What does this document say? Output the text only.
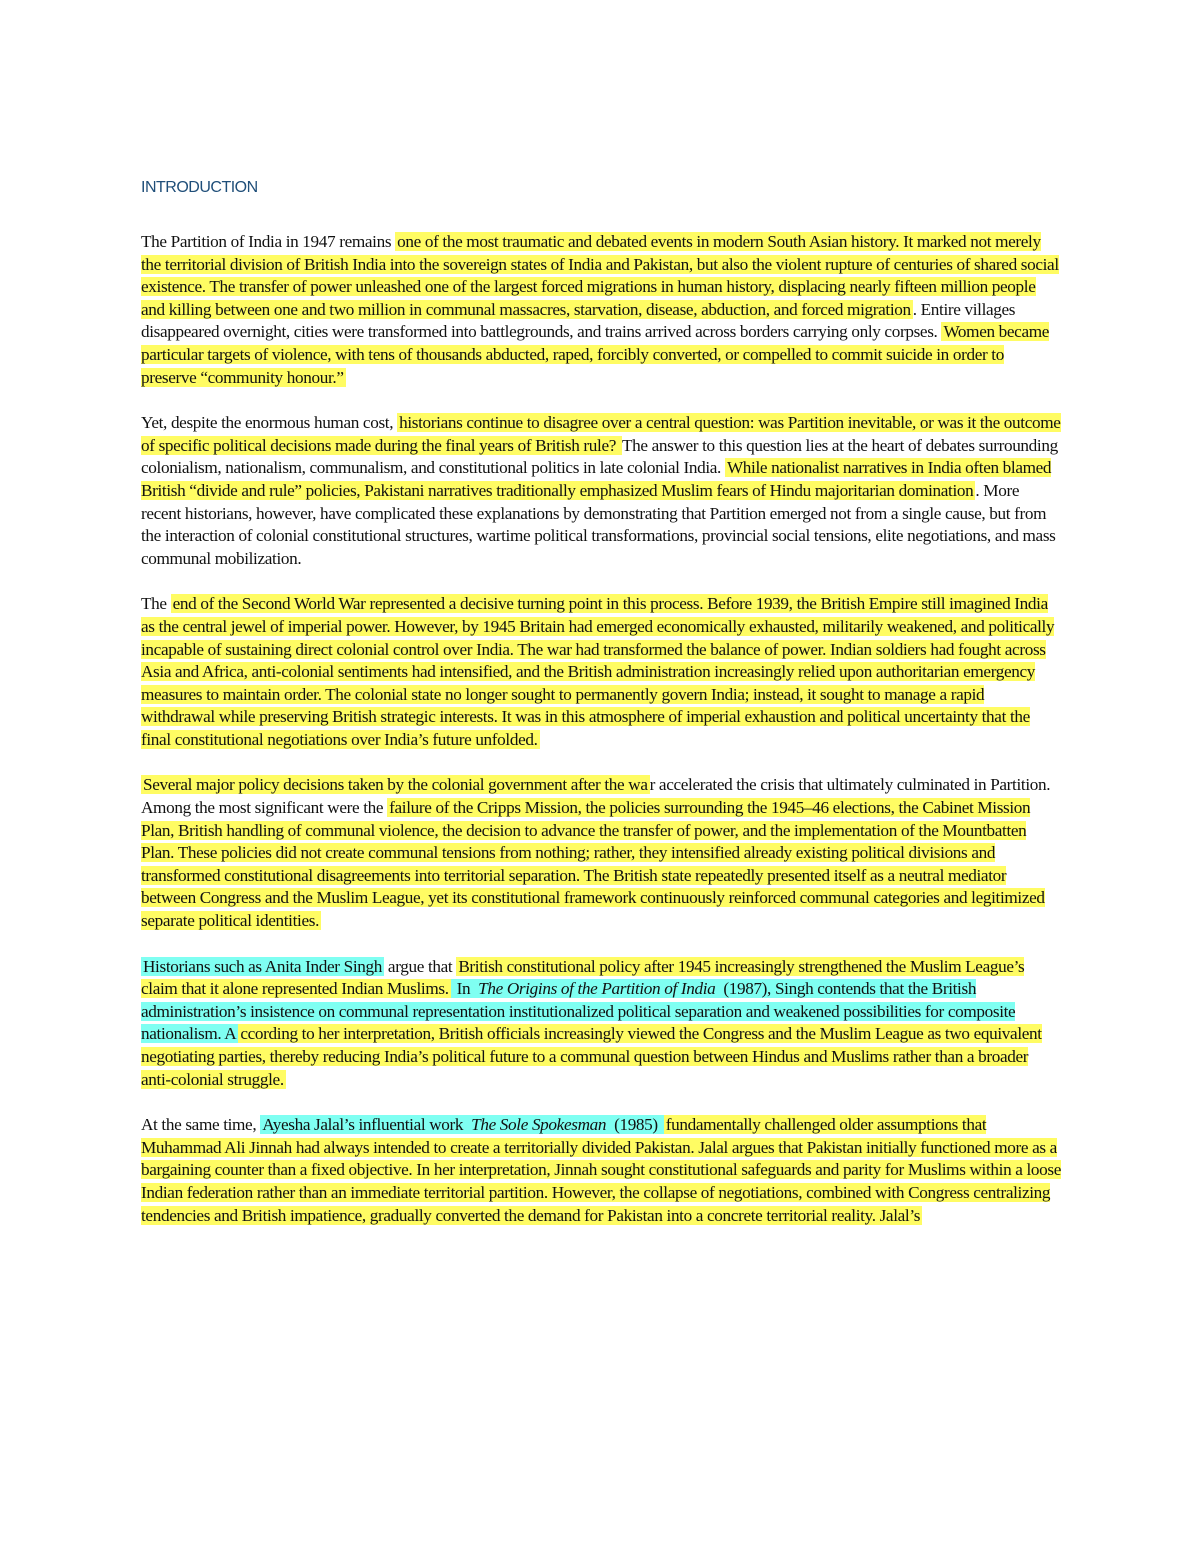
INTRODUCTION

The Partition of India in 1947 remains one of the most traumatic and debated events in modern South Asian history. It marked not merely the territorial division of British India into the sovereign states of India and Pakistan, but also the violent rupture of centuries of shared social existence. The transfer of power unleashed one of the largest forced migrations in human history, displacing nearly fifteen million people and killing between one and two million in communal massacres, starvation, disease, abduction, and forced migration . Entire villages disappeared overnight, cities were transformed into battlegrounds, and trains arrived across borders carrying only corpses. Women became particular targets of violence, with tens of thousands abducted, raped, forcibly converted, or compelled to commit suicide in order to preserve “community honour.”

Yet, despite the enormous human cost, historians continue to disagree over a central question: was Partition inevitable, or was it the outcome of specific political decisions made during the final years of British rule? The answer to this question lies at the heart of debates surrounding colonialism, nationalism, communalism, and constitutional politics in late colonial India. While nationalist narratives in India often blamed British “divide and rule” policies, Pakistani narratives traditionally emphasized Muslim fears of Hindu majoritarian domination . More recent historians, however, have complicated these explanations by demonstrating that Partition emerged not from a single cause, but from the interaction of colonial constitutional structures, wartime political transformations, provincial social tensions, elite negotiations, and mass communal mobilization.

The end of the Second World War represented a decisive turning point in this process. Before 1939, the British Empire still imagined India as the central jewel of imperial power. However, by 1945 Britain had emerged economically exhausted, militarily weakened, and politically incapable of sustaining direct colonial control over India. The war had transformed the balance of power. Indian soldiers had fought across Asia and Africa, anti-colonial sentiments had intensified, and the British administration increasingly relied upon authoritarian emergency measures to maintain order. The colonial state no longer sought to permanently govern India; instead, it sought to manage a rapid withdrawal while preserving British strategic interests. It was in this atmosphere of imperial exhaustion and political uncertainty that the final constitutional negotiations over India’s future unfolded.

Several major policy decisions taken by the colonial government after the wa r accelerated the crisis that ultimately culminated in Partition. Among the most significant were the failure of the Cripps Mission, the policies surrounding the 1945–46 elections, the Cabinet Mission Plan, British handling of communal violence, the decision to advance the transfer of power, and the implementation of the Mountbatten Plan. These policies did not create communal tensions from nothing; rather, they intensified already existing political divisions and transformed constitutional disagreements into territorial separation. The British state repeatedly presented itself as a neutral mediator between Congress and the Muslim League, yet its constitutional framework continuously reinforced communal categories and legitimized separate political identities.

Historians such as Anita Inder Singh argue that British constitutional policy after 1945 increasingly strengthened the Muslim League’s claim that it alone represented Indian Muslims. In The Origins of the Partition of India (1987), Singh contends that the British administration’s insistence on communal representation institutionalized political separation and weakened possibilities for composite nationalism. A ccording to her interpretation, British officials increasingly viewed the Congress and the Muslim League as two equivalent negotiating parties, thereby reducing India’s political future to a communal question between Hindus and Muslims rather than a broader anti-colonial struggle.

At the same time, Ayesha Jalal’s influential work The Sole Spokesman (1985) fundamentally challenged older assumptions that Muhammad Ali Jinnah had always intended to create a territorially divided Pakistan. Jalal argues that Pakistan initially functioned more as a bargaining counter than a fixed objective. In her interpretation, Jinnah sought constitutional safeguards and parity for Muslims within a loose Indian federation rather than an immediate territorial partition. However, the collapse of negotiations, combined with Congress centralizing tendencies and British impatience, gradually converted the demand for Pakistan into a concrete territorial reality. Jalal’s
